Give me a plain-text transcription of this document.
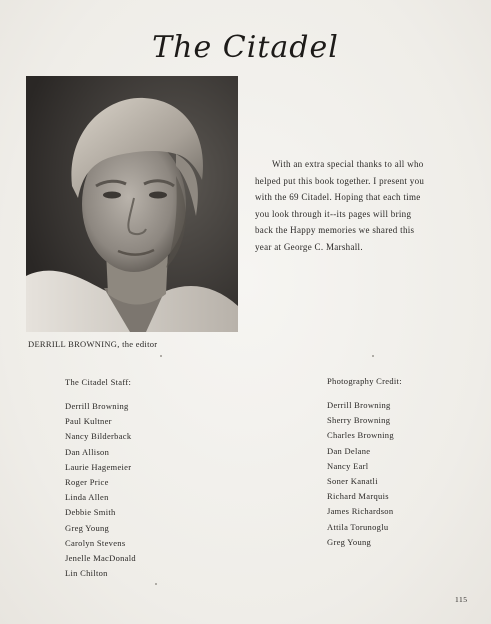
The Citadel
DERRILL BROWNING, the editor
With an extra special thanks to all who
helped put this book together. I present you
with the 69 Citadel. Hoping that each time
you look through it--its pages will bring
back the Happy memories we shared this
year at George C. Marshall.
The Citadel Staff:
Derrill Browning
Paul Kultner
Nancy Bilderback
Dan Allison
Laurie Hagemeier
Roger Price
Linda Allen
Debbie Smith
Greg Young
Carolyn Stevens
Jenelle MacDonald
Lin Chilton
Photography Credit:
Derrill Browning
Sherry Browning
Charles Browning
Dan Delane
Nancy Earl
Soner Kanatli
Richard Marquis
James Richardson
Attila Torunoglu
Greg Young
115
